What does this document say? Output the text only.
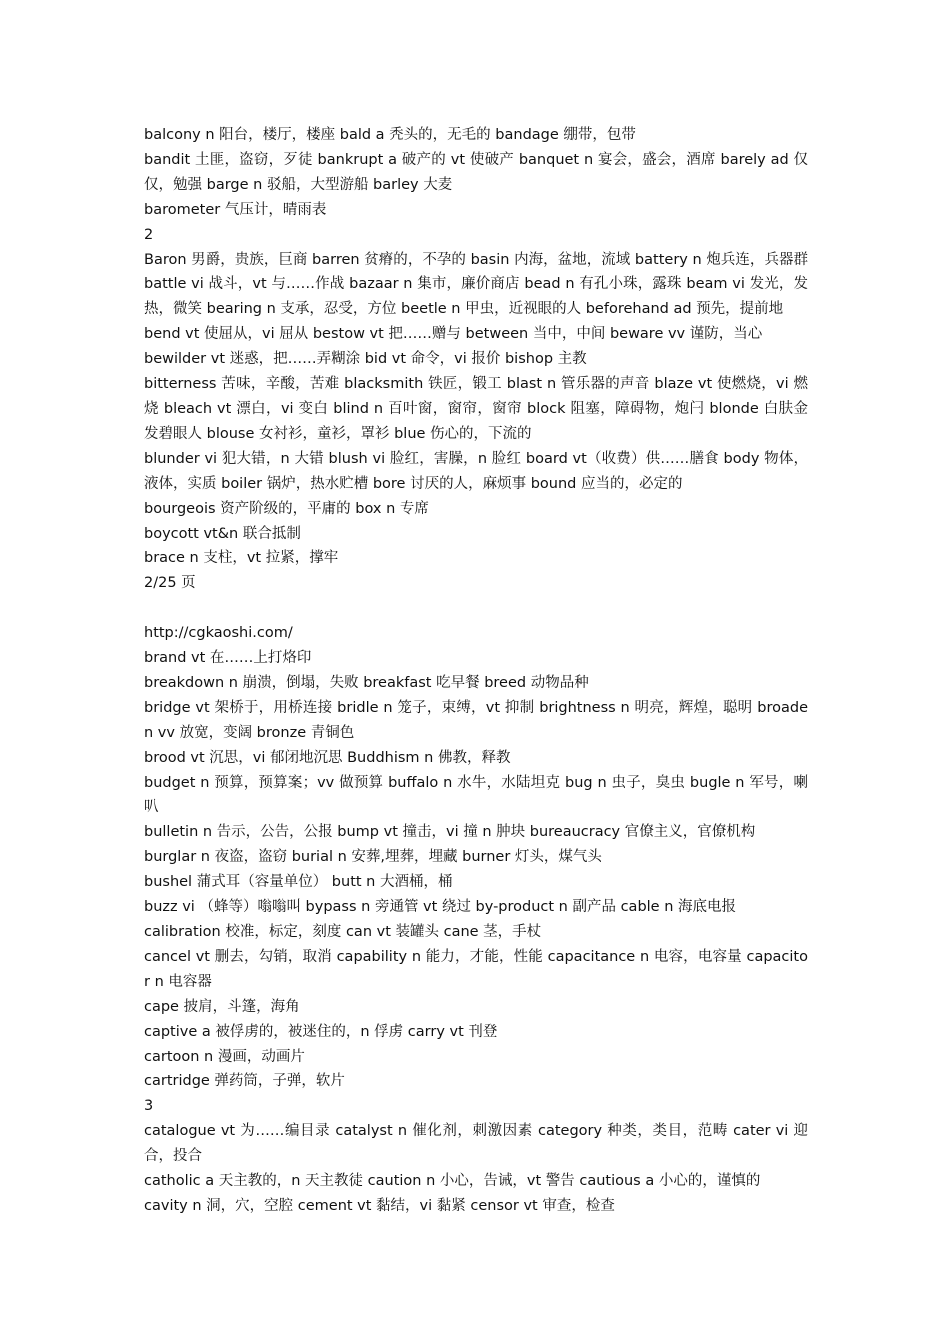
balcony n 阳台，楼厅，楼座 bald a 秃头的，无毛的 bandage 绷带，包带

bandit 土匪，盗窃，歹徒 bankrupt a 破产的 vt 使破产 banquet n 宴会，盛会，酒席 barely ad 仅仅，勉强 barge n 驳船，大型游船 barley 大麦

barometer 气压计，晴雨表

2

Baron 男爵，贵族，巨商 barren 贫瘠的，不孕的 basin 内海，盆地，流域 battery n 炮兵连，兵器群 battle vi 战斗，vt 与……作战 bazaar n 集市，廉价商店 bead n 有孔小珠，露珠 beam vi 发光，发热，微笑 bearing n 支承，忍受，方位 beetle n 甲虫，近视眼的人 beforehand ad 预先，提前地

bend vt 使屈从，vi 屈从 bestow vt 把……赠与 between 当中，中间 beware vv 谨防，当心

bewilder vt 迷惑，把……弄糊涂 bid vt 命令，vi 报价 bishop 主教

bitterness 苦味，辛酸，苦难 blacksmith 铁匠，锻工 blast n 管乐器的声音 blaze vt 使燃烧，vi 燃烧 bleach vt 漂白，vi 变白 blind n 百叶窗，窗帘，窗帘 block 阻塞，障碍物，炮闩 blonde 白肤金发碧眼人 blouse 女衬衫，童衫，罩衫 blue 伤心的，下流的

blunder vi 犯大错，n 大错 blush vi 脸红，害臊，n 脸红 board vt（收费）供……膳食 body 物体，液体，实质 boiler 锅炉，热水贮槽 bore 讨厌的人，麻烦事 bound 应当的，必定的

bourgeois 资产阶级的，平庸的 box n 专席

boycott vt&n 联合抵制

brace n 支柱，vt 拉紧，撑牢

2/25 页

http://cgkaoshi.com/

brand vt 在……上打烙印

breakdown n 崩溃，倒塌，失败 breakfast 吃早餐 breed 动物品种

bridge vt 架桥于，用桥连接 bridle n 笼子，束缚，vt 抑制 brightness n 明亮，辉煌，聪明 broaden vv 放宽，变阔 bronze 青铜色

brood vt 沉思，vi 郁闭地沉思 Buddhism n 佛教，释教

budget n 预算，预算案；vv 做预算 buffalo n 水牛，水陆坦克 bug n 虫子，臭虫 bugle n 军号，喇叭

bulletin n 告示，公告，公报 bump vt 撞击，vi 撞 n 肿块 bureaucracy 官僚主义，官僚机构

burglar n 夜盗，盗窃 burial n 安葬,埋葬，埋藏 burner 灯头，煤气头

bushel 蒲式耳（容量单位） butt n 大酒桶，桶

buzz vi （蜂等）嗡嗡叫 bypass n 旁通管 vt 绕过 by-product n 副产品 cable n 海底电报

calibration 校准，标定，刻度 can vt 装罐头 cane 茎，手杖

cancel vt 删去，勾销，取消 capability n 能力，才能，性能 capacitance n 电容，电容量 capacitor n 电容器

cape 披肩，斗篷，海角

captive a 被俘虏的，被迷住的，n 俘虏 carry vt 刊登

cartoon n 漫画，动画片

cartridge 弹药筒，子弹，软片

3

catalogue vt 为……编目录 catalyst n 催化剂，刺激因素 category 种类，类目，范畴 cater vi 迎合，投合

catholic a 天主教的，n 天主教徒 caution n 小心，告诫，vt 警告 cautious a 小心的，谨慎的

cavity n 洞，穴，空腔 cement vt 黏结，vi 黏紧 censor vt 审查，检查
